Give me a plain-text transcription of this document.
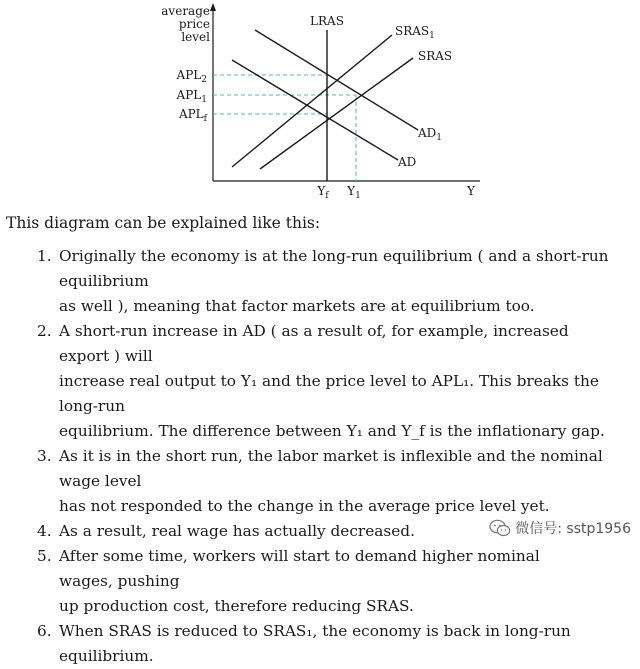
average
price
level
Y
LRAS
$SRAS_1$
SRAS
$AD_1$
AD
$APL_2$
$APL_1$
$APL_f$
$Y_f$ $Y_1$

This diagram can be explained like this:

1. Originally the economy is at the long-run equilibrium ( and a short-run equilibrium
as well ), meaning that factor markets are at equilibrium too.
2. A short-run increase in AD ( as a result of, for example, increased export ) will
increase real output to Y₁ and the price level to APL₁. This breaks the long-run
equilibrium. The difference between Y₁ and Y_f is the inflationary gap.
3. As it is in the short run, the labor market is inflexible and the nominal wage level
has not responded to the change in the average price level yet.
4. As a result, real wage has actually decreased.
5. After some time, workers will start to demand higher nominal wages, pushing
up production cost, therefore reducing SRAS.
6. When SRAS is reduced to SRAS₁, the economy is back in long-run equilibrium.
微信号: sstp1956
